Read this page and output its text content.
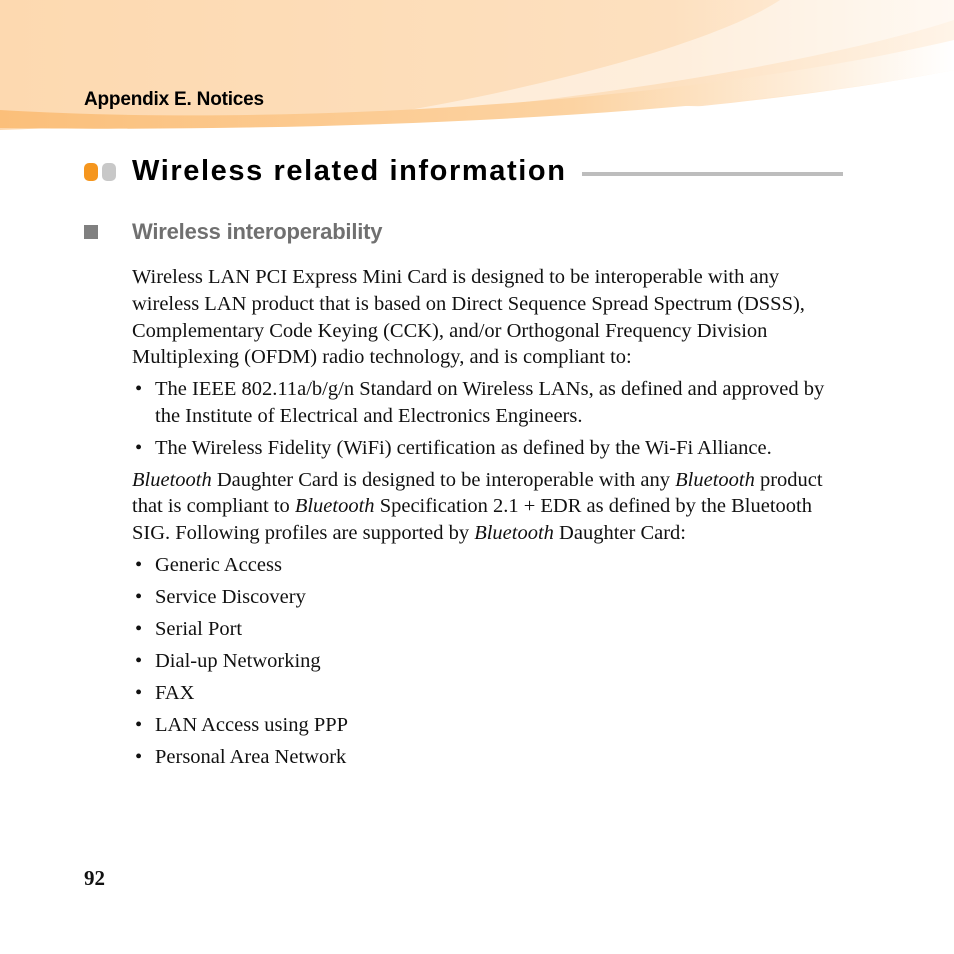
Appendix E. Notices
Wireless related information
Wireless interoperability

Wireless LAN PCI Express Mini Card is designed to be interoperable with any wireless LAN product that is based on Direct Sequence Spread Spectrum (DSSS), Complementary Code Keying (CCK), and/or Orthogonal Frequency Division Multiplexing (OFDM) radio technology, and is compliant to:

• The IEEE 802.11a/b/g/n Standard on Wireless LANs, as defined and approved by the Institute of Electrical and Electronics Engineers.
• The Wireless Fidelity (WiFi) certification as defined by the Wi-Fi Alliance.

Bluetooth Daughter Card is designed to be interoperable with any Bluetooth product that is compliant to Bluetooth Specification 2.1 + EDR as defined by the Bluetooth SIG. Following profiles are supported by Bluetooth Daughter Card:

• Generic Access
• Service Discovery
• Serial Port
• Dial-up Networking
• FAX
• LAN Access using PPP
• Personal Area Network
92
